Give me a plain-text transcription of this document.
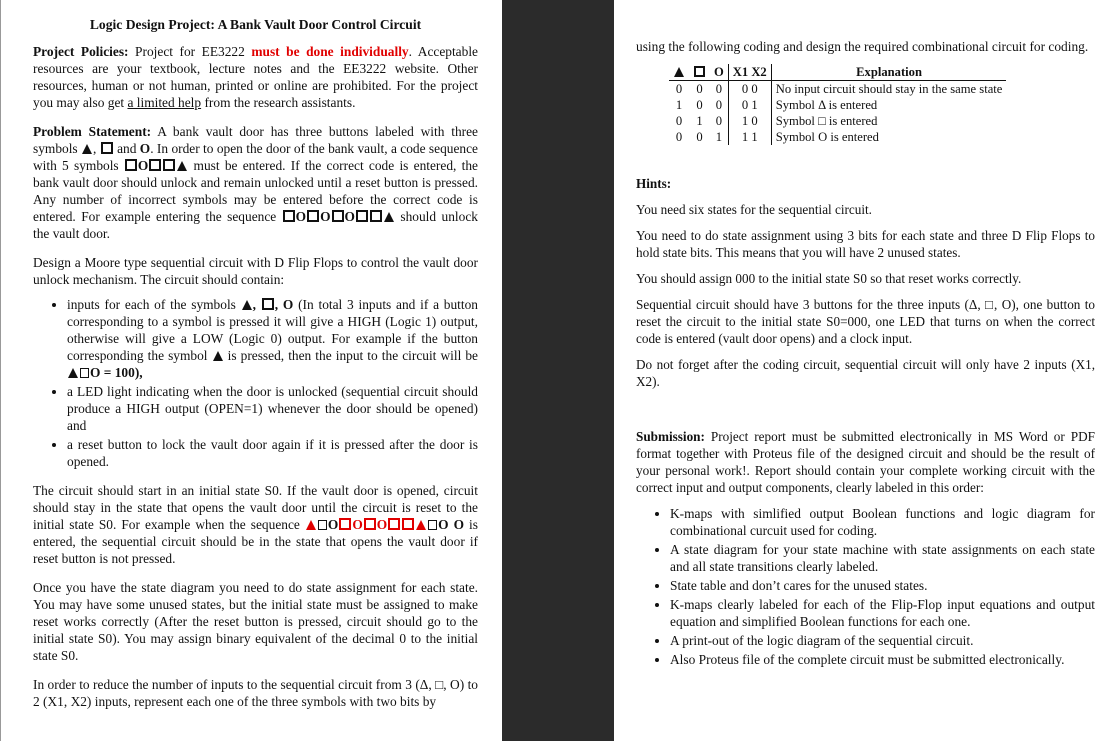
Logic Design Project: A Bank Vault Door Control Circuit

Project Policies: Project for EE3222 must be done individually. Acceptable resources are your textbook, lecture notes and the EE3222 website. Other resources, human or not human, printed or online are prohibited. For the project you may also get a limited help from the research assistants.

Problem Statement: A bank vault door has three buttons labeled with three symbols ,  and O. In order to open the door of the bank vault, a code sequence with 5 symbols O	must be entered. If the correct code is entered, the bank vault door should unlock and remain unlocked until a reset button is pressed. Any number of incorrect symbols may be entered before the correct code is entered. For example entering the sequence O O O	should unlock the vault door.

Design a Moore type sequential circuit with D Flip Flops to control the vault door unlock mechanism. The circuit should contain:

• inputs for each of the symbols , , O (In total 3 inputs and if a button corresponding to a symbol is pressed it will give a HIGH (Logic 1) output, otherwise will give a LOW (Logic 0) output. For example if the button corresponding the symbol  is pressed, then the input to the circuit will be O = 100),
• a LED light indicating when the door is unlocked (sequential circuit should produce a HIGH output (OPEN=1) whenever the door should be opened) and
• a reset button to lock the vault door again if it is pressed after the door is opened.

The circuit should start in an initial state S0. If the vault door is opened, circuit should stay in the state that opens the vault door until the circuit is reset to the initial state S0. For example when the sequence O O O	O O is entered, the sequential circuit should be in the state that opens the vault door if reset button is not pressed.

Once you have the state diagram you need to do state assignment for each state. You may have some unused states, but the initial state must be assigned to make reset works correctly (After the reset button is pressed, circuit should go to the initial state S0). You may assign binary equivalent of the decimal 0 to the initial state S0.

In order to reduce the number of inputs to the sequential circuit from 3 (Δ, □, O) to 2 (X1, X2) inputs, represent each one of the three symbols with two bits by

using the following coding and design the required combinational circuit for coding.

		O	X1 X2	Explanation
0	0	0	0 0	No input circuit should stay in the same state
1	0	0	0 1	Symbol Δ is entered
0	1	0	1 0	Symbol □ is entered
0	0	1	1 1	Symbol O is entered

Hints:

You need six states for the sequential circuit.

You need to do state assignment using 3 bits for each state and three D Flip Flops to hold state bits. This means that you will have 2 unused states.

You should assign 000 to the initial state S0 so that reset works correctly.

Sequential circuit should have 3 buttons for the three inputs (Δ, □, O), one button to reset the circuit to the initial state S0=000, one LED that turns on when the correct code is entered (vault door opens) and a clock input.

Do not forget after the coding circuit, sequential circuit will only have 2 inputs (X1, X2).

Submission: Project report must be submitted electronically in MS Word or PDF format together with Proteus file of the designed circuit and should be the result of your personal work!. Report should contain your complete working circuit with the correct input and output components, clearly labeled in this order:

• K-maps with simlified output Boolean functions and logic diagram for combinational curcuit used for coding.
• A state diagram for your state machine with state assignments on each state and all state transitions clearly labeled.
• State table and don’t cares for the unused states.
• K-maps clearly labeled for each of the Flip-Flop input equations and output equation and simplified Boolean functions for each one.
• A print-out of the logic diagram of the sequential circuit.
• Also Proteus file of the complete circuit must be submitted electronically.
